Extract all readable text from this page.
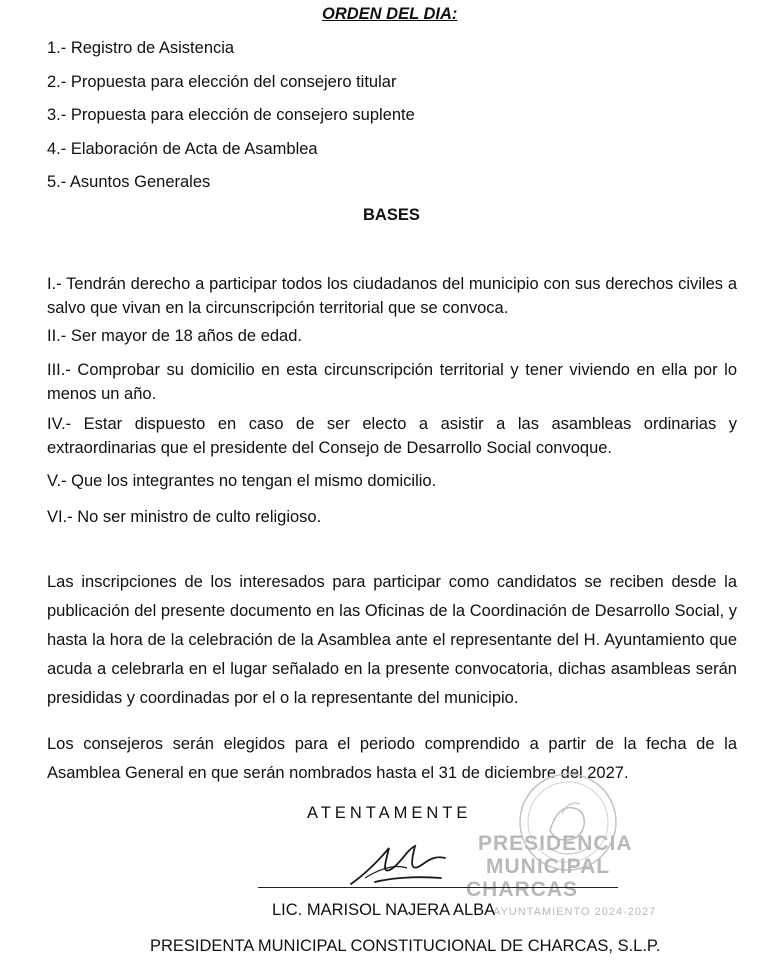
ORDEN DEL DIA:
1.- Registro de Asistencia
2.- Propuesta para elección del consejero titular
3.- Propuesta para elección de consejero suplente
4.- Elaboración de Acta de Asamblea
5.- Asuntos Generales
BASES
I.- Tendrán derecho a participar todos los ciudadanos del municipio con sus derechos civiles a salvo que vivan en la circunscripción territorial que se convoca.
II.- Ser mayor de 18 años de edad.
III.- Comprobar su domicilio en esta circunscripción territorial y tener viviendo en ella por lo menos un año.
IV.- Estar dispuesto en caso de ser electo a asistir a las asambleas ordinarias y extraordinarias que el presidente del Consejo de Desarrollo Social convoque.
V.- Que los integrantes no tengan el mismo domicilio.
VI.- No ser ministro de culto religioso.
Las inscripciones de los interesados para participar como candidatos se reciben desde la publicación del presente documento en las Oficinas de la Coordinación de Desarrollo Social, y hasta la hora de la celebración de la Asamblea ante el representante del H. Ayuntamiento que acuda a celebrarla en el lugar señalado en la presente convocatoria, dichas asambleas serán presididas y coordinadas por el o la representante del municipio.
Los consejeros serán elegidos para el periodo comprendido a partir de la fecha de la Asamblea General en que serán nombrados hasta el 31 de diciembre del 2027.
ATENTAMENTE
PRESIDENCIA
MUNICIPAL
CHARCAS
AYUNTAMIENTO 2024-2027
LIC. MARISOL NAJERA ALBA
PRESIDENTA MUNICIPAL CONSTITUCIONAL DE CHARCAS, S.L.P.
